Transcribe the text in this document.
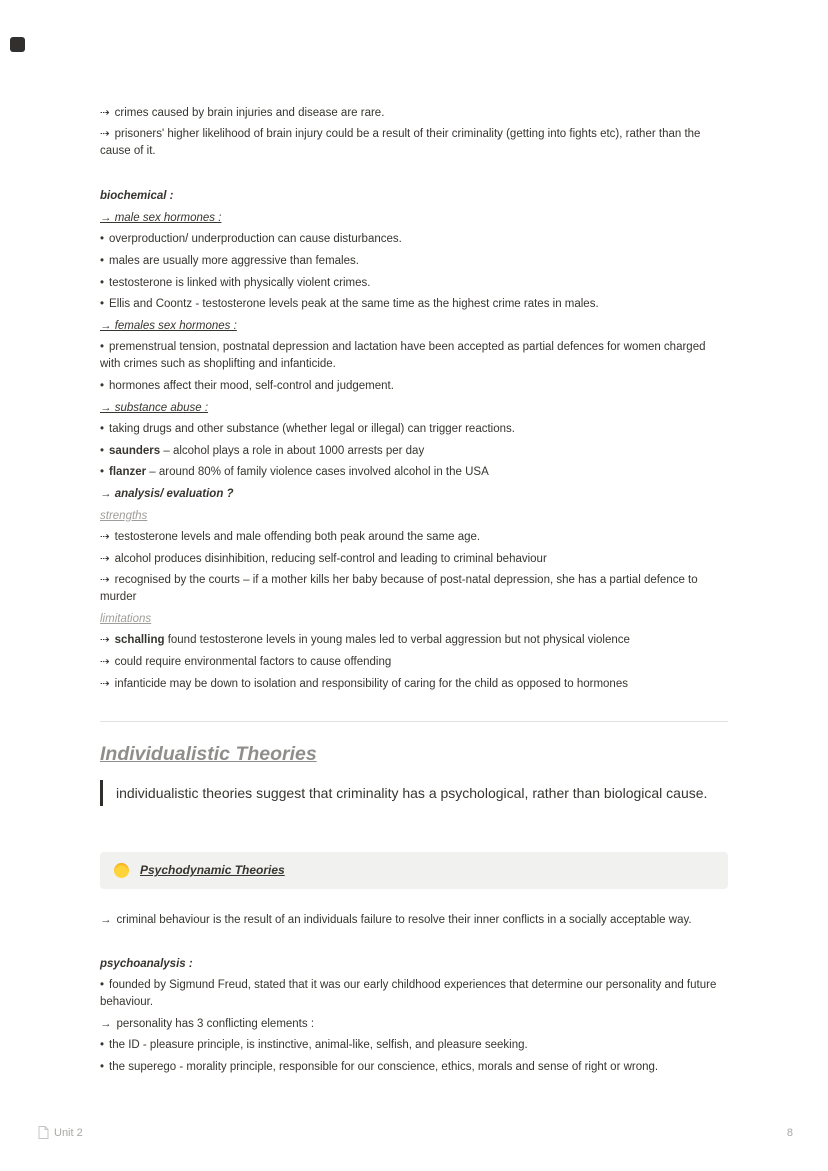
⇢ crimes caused by brain injuries and disease are rare.

⇢ prisoners' higher likelihood of brain injury could be a result of their criminality (getting into fights etc), rather than the cause of it.

biochemical :

→ male sex hormones :

• overproduction/ underproduction can cause disturbances.

• males are usually more aggressive than females.

• testosterone is linked with physically violent crimes.

• Ellis and Coontz - testosterone levels peak at the same time as the highest crime rates in males.

→ females sex hormones :

• premenstrual tension, postnatal depression and lactation have been accepted as partial defences for women charged with crimes such as shoplifting and infanticide.

• hormones affect their mood, self-control and judgement.

→ substance abuse :

• taking drugs and other substance (whether legal or illegal) can trigger reactions.

• saunders – alcohol plays a role in about 1000 arrests per day

• flanzer – around 80% of family violence cases involved alcohol in the USA

→ analysis/ evaluation ?

strengths

⇢ testosterone levels and male offending both peak around the same age.

⇢ alcohol produces disinhibition, reducing self-control and leading to criminal behaviour

⇢ recognised by the courts – if a mother kills her baby because of post-natal depression, she has a partial defence to murder

limitations

⇢ schalling found testosterone levels in young males led to verbal aggression but not physical violence

⇢ could require environmental factors to cause offending

⇢ infanticide may be down to isolation and responsibility of caring for the child as opposed to hormones

Individualistic Theories
individualistic theories suggest that criminality has a psychological, rather than biological cause.
Psychodynamic Theories

→ criminal behaviour is the result of an individuals failure to resolve their inner conflicts in a socially acceptable way.

psychoanalysis :

• founded by Sigmund Freud, stated that it was our early childhood experiences that determine our personality and future behaviour.

→ personality has 3 conflicting elements :

• the ID - pleasure principle, is instinctive, animal-like, selfish, and pleasure seeking.

• the superego - morality principle, responsible for our conscience, ethics, morals and sense of right or wrong.

Unit 2	8
